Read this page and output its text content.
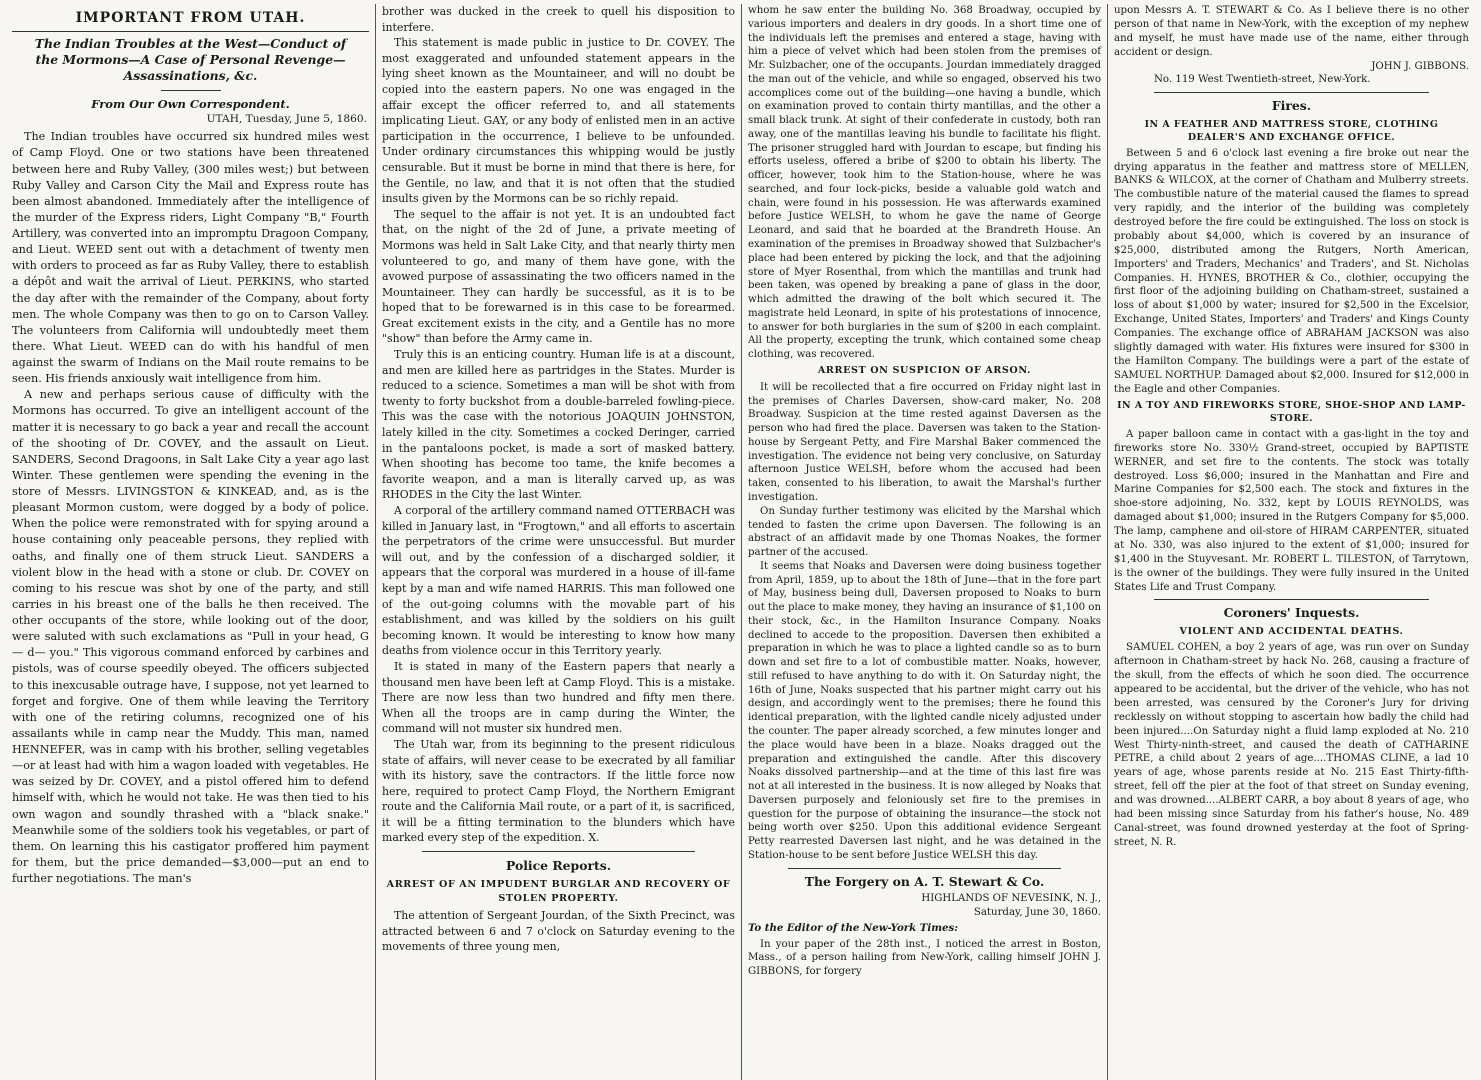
IMPORTANT FROM UTAH.
The Indian Troubles at the West—Conduct of the Mormons—A Case of Personal Revenge—Assassinations, &c.
From Our Own Correspondent.
UTAH, Tuesday, June 5, 1860.

The Indian troubles have occurred six hundred miles west of Camp Floyd. One or two stations have been threatened between here and Ruby Valley, (300 miles west;) but between Ruby Valley and Carson City the Mail and Express route has been almost abandoned. Immediately after the intelligence of the murder of the Express riders, Light Company "B," Fourth Artillery, was converted into an impromptu Dragoon Company, and Lieut. WEED sent out with a detachment of twenty men with orders to proceed as far as Ruby Valley, there to establish a dépôt and wait the arrival of Lieut. PERKINS, who started the day after with the remainder of the Company, about forty men. The whole Company was then to go on to Carson Valley. The volunteers from California will undoubtedly meet them there. What Lieut. WEED can do with his handful of men against the swarm of Indians on the Mail route remains to be seen. His friends anxiously wait intelligence from him.

A new and perhaps serious cause of difficulty with the Mormons has occurred. To give an intelligent account of the matter it is necessary to go back a year and recall the account of the shooting of Dr. COVEY, and the assault on Lieut. SANDERS, Second Dragoons, in Salt Lake City a year ago last Winter. These gentlemen were spending the evening in the store of Messrs. LIVINGSTON & KINKEAD, and, as is the pleasant Mormon custom, were dogged by a body of police. When the police were remonstrated with for spying around a house containing only peaceable persons, they replied with oaths, and finally one of them struck Lieut. SANDERS a violent blow in the head with a stone or club. Dr. COVEY on coming to his rescue was shot by one of the party, and still carries in his breast one of the balls he then received. The other occupants of the store, while looking out of the door, were saluted with such exclamations as "Pull in your head, G— d— you." This vigorous command enforced by carbines and pistols, was of course speedily obeyed. The officers subjected to this inexcusable outrage have, I suppose, not yet learned to forget and forgive. One of them while leaving the Territory with one of the retiring columns, recognized one of his assailants while in camp near the Muddy. This man, named HENNEFER, was in camp with his brother, selling vegetables—or at least had with him a wagon loaded with vegetables. He was seized by Dr. COVEY, and a pistol offered him to defend himself with, which he would not take. He was then tied to his own wagon and soundly thrashed with a "black snake." Meanwhile some of the soldiers took his vegetables, or part of them. On learning this his castigator proffered him payment for them, but the price demanded—$3,000—put an end to further negotiations. The man's

brother was ducked in the creek to quell his disposition to interfere.

This statement is made public in justice to Dr. COVEY. The most exaggerated and unfounded statement appears in the lying sheet known as the Mountaineer, and will no doubt be copied into the eastern papers. No one was engaged in the affair except the officer referred to, and all statements implicating Lieut. GAY, or any body of enlisted men in an active participation in the occurrence, I believe to be unfounded. Under ordinary circumstances this whipping would be justly censurable. But it must be borne in mind that there is here, for the Gentile, no law, and that it is not often that the studied insults given by the Mormons can be so richly repaid.

The sequel to the affair is not yet. It is an undoubted fact that, on the night of the 2d of June, a private meeting of Mormons was held in Salt Lake City, and that nearly thirty men volunteered to go, and many of them have gone, with the avowed purpose of assassinating the two officers named in the Mountaineer. They can hardly be successful, as it is to be hoped that to be forewarned is in this case to be forearmed. Great excitement exists in the city, and a Gentile has no more "show" than before the Army came in.

Truly this is an enticing country. Human life is at a discount, and men are killed here as partridges in the States. Murder is reduced to a science. Sometimes a man will be shot with from twenty to forty buckshot from a double-barreled fowling-piece. This was the case with the notorious JOAQUIN JOHNSTON, lately killed in the city. Sometimes a cocked Deringer, carried in the pantaloons pocket, is made a sort of masked battery. When shooting has become too tame, the knife becomes a favorite weapon, and a man is literally carved up, as was RHODES in the City the last Winter.

A corporal of the artillery command named OTTERBACH was killed in January last, in "Frogtown," and all efforts to ascertain the perpetrators of the crime were unsuccessful. But murder will out, and by the confession of a discharged soldier, it appears that the corporal was murdered in a house of ill-fame kept by a man and wife named HARRIS. This man followed one of the out-going columns with the movable part of his establishment, and was killed by the soldiers on his guilt becoming known. It would be interesting to know how many deaths from violence occur in this Territory yearly.

It is stated in many of the Eastern papers that nearly a thousand men have been left at Camp Floyd. This is a mistake. There are now less than two hundred and fifty men there. When all the troops are in camp during the Winter, the command will not muster six hundred men.

The Utah war, from its beginning to the present ridiculous state of affairs, will never cease to be execrated by all familiar with its history, save the contractors. If the little force now here, required to protect Camp Floyd, the Northern Emigrant route and the California Mail route, or a part of it, is sacrificed, it will be a fitting termination to the blunders which have marked every step of the expedition. X.

Police Reports.
ARREST OF AN IMPUDENT BURGLAR AND RECOVERY OF STOLEN PROPERTY.

The attention of Sergeant Jourdan, of the Sixth Precinct, was attracted between 6 and 7 o'clock on Saturday evening to the movements of three young men,

whom he saw enter the building No. 368 Broadway, occupied by various importers and dealers in dry goods. In a short time one of the individuals left the premises and entered a stage, having with him a piece of velvet which had been stolen from the premises of Mr. Sulzbacher, one of the occupants. Jourdan immediately dragged the man out of the vehicle, and while so engaged, observed his two accomplices come out of the building—one having a bundle, which on examination proved to contain thirty mantillas, and the other a small black trunk. At sight of their confederate in custody, both ran away, one of the mantillas leaving his bundle to facilitate his flight. The prisoner struggled hard with Jourdan to escape, but finding his efforts useless, offered a bribe of $200 to obtain his liberty. The officer, however, took him to the Station-house, where he was searched, and four lock-picks, beside a valuable gold watch and chain, were found in his possession. He was afterwards examined before Justice WELSH, to whom he gave the name of George Leonard, and said that he boarded at the Brandreth House. An examination of the premises in Broadway showed that Sulzbacher's place had been entered by picking the lock, and that the adjoining store of Myer Rosenthal, from which the mantillas and trunk had been taken, was opened by breaking a pane of glass in the door, which admitted the drawing of the bolt which secured it. The magistrate held Leonard, in spite of his protestations of innocence, to answer for both burglaries in the sum of $200 in each complaint. All the property, excepting the trunk, which contained some cheap clothing, was recovered.

ARREST ON SUSPICION OF ARSON.

It will be recollected that a fire occurred on Friday night last in the premises of Charles Daversen, show-card maker, No. 208 Broadway. Suspicion at the time rested against Daversen as the person who had fired the place. Daversen was taken to the Station-house by Sergeant Petty, and Fire Marshal Baker commenced the investigation. The evidence not being very conclusive, on Saturday afternoon Justice WELSH, before whom the accused had been taken, consented to his liberation, to await the Marshal's further investigation.

On Sunday further testimony was elicited by the Marshal which tended to fasten the crime upon Daversen. The following is an abstract of an affidavit made by one Thomas Noakes, the former partner of the accused.

It seems that Noaks and Daversen were doing business together from April, 1859, up to about the 18th of June—that in the fore part of May, business being dull, Daversen proposed to Noaks to burn out the place to make money, they having an insurance of $1,100 on their stock, &c., in the Hamilton Insurance Company. Noaks declined to accede to the proposition. Daversen then exhibited a preparation in which he was to place a lighted candle so as to burn down and set fire to a lot of combustible matter. Noaks, however, still refused to have anything to do with it. On Saturday night, the 16th of June, Noaks suspected that his partner might carry out his design, and accordingly went to the premises; there he found this identical preparation, with the lighted candle nicely adjusted under the counter. The paper already scorched, a few minutes longer and the place would have been in a blaze. Noaks dragged out the preparation and extinguished the candle. After this discovery Noaks dissolved partnership—and at the time of this last fire was not at all interested in the business. It is now alleged by Noaks that Daversen purposely and feloniously set fire to the premises in question for the purpose of obtaining the insurance—the stock not being worth over $250. Upon this additional evidence Sergeant Petty rearrested Daversen last night, and he was detained in the Station-house to be sent before Justice WELSH this day.

The Forgery on A. T. Stewart & Co.
HIGHLANDS OF NEVESINK, N. J.,
Saturday, June 30, 1860.
To the Editor of the New-York Times:

In your paper of the 28th inst., I noticed the arrest in Boston, Mass., of a person hailing from New-York, calling himself JOHN J. GIBBONS, for forgery

upon Messrs A. T. STEWART & Co. As I believe there is no other person of that name in New-York, with the exception of my nephew and myself, he must have made use of the name, either through accident or design.

JOHN J. GIBBONS.
No. 119 West Twentieth-street, New-York.
Fires.
IN A FEATHER AND MATTRESS STORE, CLOTHING DEALER'S AND EXCHANGE OFFICE.

Between 5 and 6 o'clock last evening a fire broke out near the drying apparatus in the feather and mattress store of MELLEN, BANKS & WILCOX, at the corner of Chatham and Mulberry streets. The combustible nature of the material caused the flames to spread very rapidly, and the interior of the building was completely destroyed before the fire could be extinguished. The loss on stock is probably about $4,000, which is covered by an insurance of $25,000, distributed among the Rutgers, North American, Importers' and Traders, Mechanics' and Traders', and St. Nicholas Companies. H. HYNES, BROTHER & Co., clothier, occupying the first floor of the adjoining building on Chatham-street, sustained a loss of about $1,000 by water; insured for $2,500 in the Excelsior, Exchange, United States, Importers' and Traders' and Kings County Companies. The exchange office of ABRAHAM JACKSON was also slightly damaged with water. His fixtures were insured for $300 in the Hamilton Company. The buildings were a part of the estate of SAMUEL NORTHUP. Damaged about $2,000. Insured for $12,000 in the Eagle and other Companies.

IN A TOY AND FIREWORKS STORE, SHOE-SHOP AND LAMP-STORE.

A paper balloon came in contact with a gas-light in the toy and fireworks store No. 330½ Grand-street, occupied by BAPTISTE WERNER, and set fire to the contents. The stock was totally destroyed. Loss $6,000; insured in the Manhattan and Fire and Marine Companies for $2,500 each. The stock and fixtures in the shoe-store adjoining, No. 332, kept by LOUIS REYNOLDS, was damaged about $1,000; insured in the Rutgers Company for $5,000. The lamp, camphene and oil-store of HIRAM CARPENTER, situated at No. 330, was also injured to the extent of $1,000; insured for $1,400 in the Stuyvesant. Mr. ROBERT L. TILESTON, of Tarrytown, is the owner of the buildings. They were fully insured in the United States Life and Trust Company.

Coroners' Inquests.
VIOLENT AND ACCIDENTAL DEATHS.

SAMUEL COHEN, a boy 2 years of age, was run over on Sunday afternoon in Chatham-street by hack No. 268, causing a fracture of the skull, from the effects of which he soon died. The occurrence appeared to be accidental, but the driver of the vehicle, who has not been arrested, was censured by the Coroner's Jury for driving recklessly on without stopping to ascertain how badly the child had been injured....On Saturday night a fluid lamp exploded at No. 210 West Thirty-ninth-street, and caused the death of CATHARINE PETRE, a child about 2 years of age....THOMAS CLINE, a lad 10 years of age, whose parents reside at No. 215 East Thirty-fifth-street, fell off the pier at the foot of that street on Sunday evening, and was drowned....ALBERT CARR, a boy about 8 years of age, who had been missing since Saturday from his father's house, No. 489 Canal-street, was found drowned yesterday at the foot of Spring-street, N. R.
